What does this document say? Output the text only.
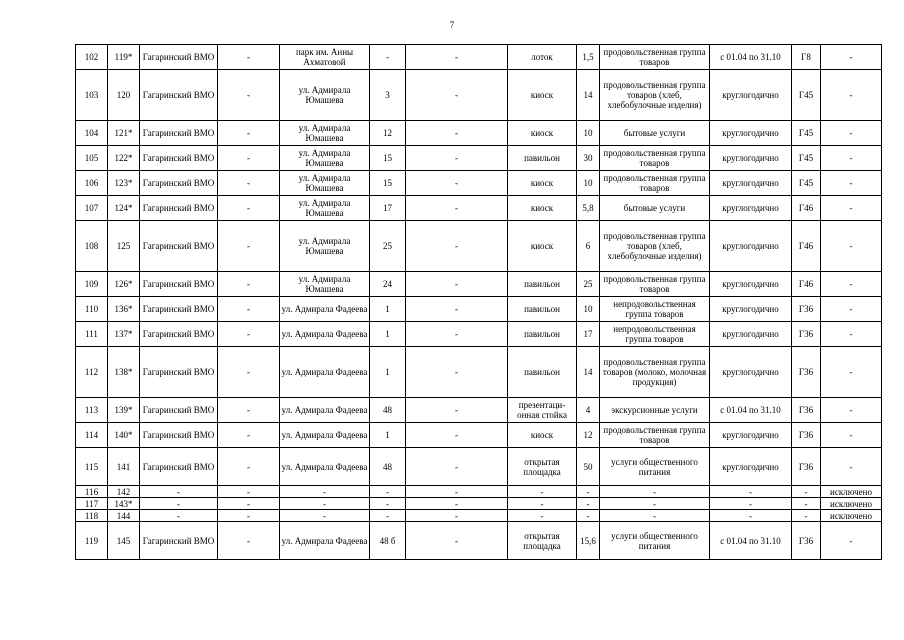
7
102	119*	Гагаринский ВМО	-	парк им. Анны Ахматовой	-	-	лоток	1,5	продовольственная группа товаров	с 01.04 по 31.10	Г8	-
103	120	Гагаринский ВМО	-	ул. Адмирала Юмашева	3	-	киоск	14	продовольственная группа товаров (хлеб, хлебобулочные изделия)	круглогодично	Г45	-
104	121*	Гагаринский ВМО	-	ул. Адмирала Юмашева	12	-	киоск	10	бытовые услуги	круглогодично	Г45	-
105	122*	Гагаринский ВМО	-	ул. Адмирала Юмашева	15	-	павильон	30	продовольственная группа товаров	круглогодично	Г45	-
106	123*	Гагаринский ВМО	-	ул. Адмирала Юмашева	15	-	киоск	10	продовольственная группа товаров	круглогодично	Г45	-
107	124*	Гагаринский ВМО	-	ул. Адмирала Юмашева	17	-	киоск	5,8	бытовые услуги	круглогодично	Г46	-
108	125	Гагаринский ВМО	-	ул. Адмирала Юмашева	25	-	киоск	6	продовольственная группа товаров (хлеб, хлебобулочные изделия)	круглогодично	Г46	-
109	126*	Гагаринский ВМО	-	ул. Адмирала Юмашева	24	-	павильон	25	продовольственная группа товаров	круглогодично	Г46	-
110	136*	Гагаринский ВМО	-	ул. Адмирала Фадеева	1	-	павильон	10	непродовольственная группа товаров	круглогодично	Г36	-
111	137*	Гагаринский ВМО	-	ул. Адмирала Фадеева	1	-	павильон	17	непродовольственная группа товаров	круглогодично	Г36	-
112	138*	Гагаринский ВМО	-	ул. Адмирала Фадеева	1	-	павильон	14	продовольственная группа товаров (молоко, молочная продукция)	круглогодично	Г36	-
113	139*	Гагаринский ВМО	-	ул. Адмирала Фадеева	48	-	презентаци-онная стойка	4	экскурсионные услуги	с 01.04 по 31.10	Г36	-
114	140*	Гагаринский ВМО	-	ул. Адмирала Фадеева	1	-	киоск	12	продовольственная группа товаров	круглогодично	Г36	-
115	141	Гагаринский ВМО	-	ул. Адмирала Фадеева	48	-	открытая площадка	50	услуги общественного питания	круглогодично	Г36	-
116	142	-	-	-	-	-	-	-	-	-	-	исключено
117	143*	-	-	-	-	-	-	-	-	-	-	исключено
118	144	-	-	-	-	-	-	-	-	-	-	исключено
119	145	Гагаринский ВМО	-	ул. Адмирала Фадеева	48 б	-	открытая площадка	15,6	услуги общественного питания	с 01.04 по 31.10	Г36	-
